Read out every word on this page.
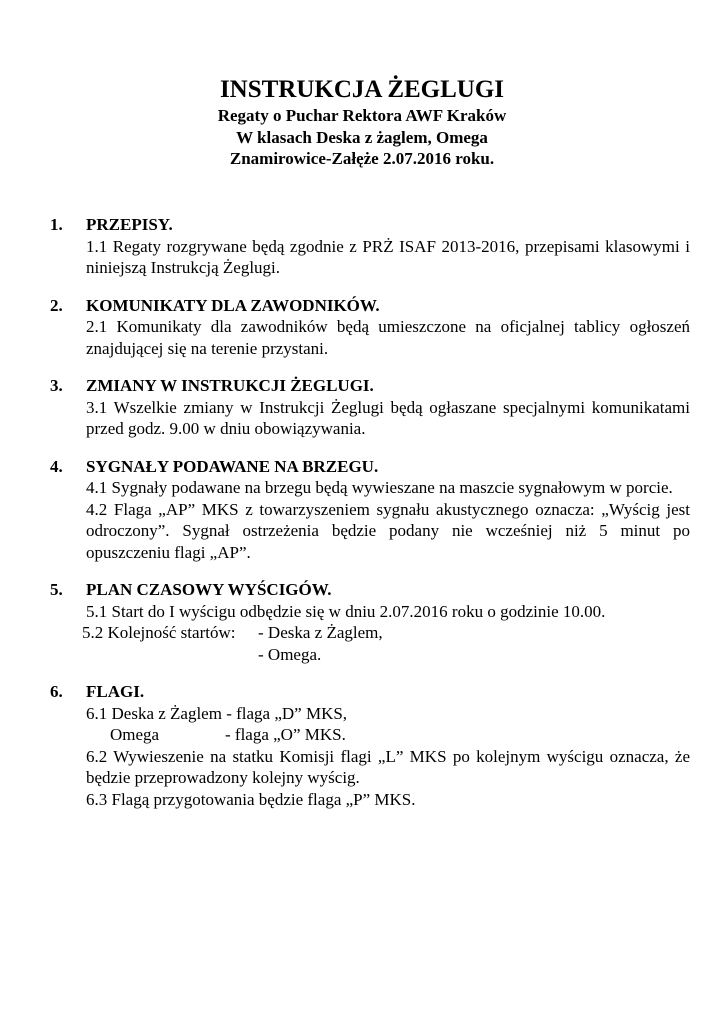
INSTRUKCJA ŻEGLUGI

Regaty o Puchar Rektora AWF Kraków

W klasach Deska z żaglem, Omega

Znamirowice-Załęże 2.07.2016 roku.

1.	PRZEPISY.

1.1 Regaty rozgrywane będą zgodnie z PRŻ ISAF 2013-2016, przepisami klasowymi i niniejszą Instrukcją Żeglugi.

2.	KOMUNIKATY DLA ZAWODNIKÓW.

2.1 Komunikaty dla zawodników będą umieszczone na oficjalnej tablicy ogłoszeń znajdującej się na terenie przystani.

3.	ZMIANY W INSTRUKCJI ŻEGLUGI.

3.1 Wszelkie zmiany w Instrukcji Żeglugi będą ogłaszane specjalnymi komunikatami przed godz. 9.00 w dniu obowiązywania.

4.	SYGNAŁY PODAWANE NA BRZEGU.

4.1 Sygnały podawane na brzegu będą wywieszane na maszcie sygnałowym w porcie.

4.2 Flaga „AP” MKS z towarzyszeniem sygnału akustycznego oznacza: „Wyścig jest odroczony”. Sygnał ostrzeżenia będzie podany nie wcześniej niż 5 minut po opuszczeniu flagi „AP”.

5.	PLAN CZASOWY WYŚCIGÓW.

5.1 Start do I wyścigu odbędzie się w dniu 2.07.2016 roku o godzinie 10.00.

5.2 Kolejność startów:	- Deska z Żaglem,
- Omega.
6.	FLAGI.

6.1 Deska z Żaglem - flaga „D” MKS,

Omega	- flaga „O” MKS.

6.2 Wywieszenie na statku Komisji flagi „L” MKS po kolejnym wyścigu oznacza, że będzie przeprowadzony kolejny wyścig.

6.3 Flagą przygotowania będzie flaga „P” MKS.
